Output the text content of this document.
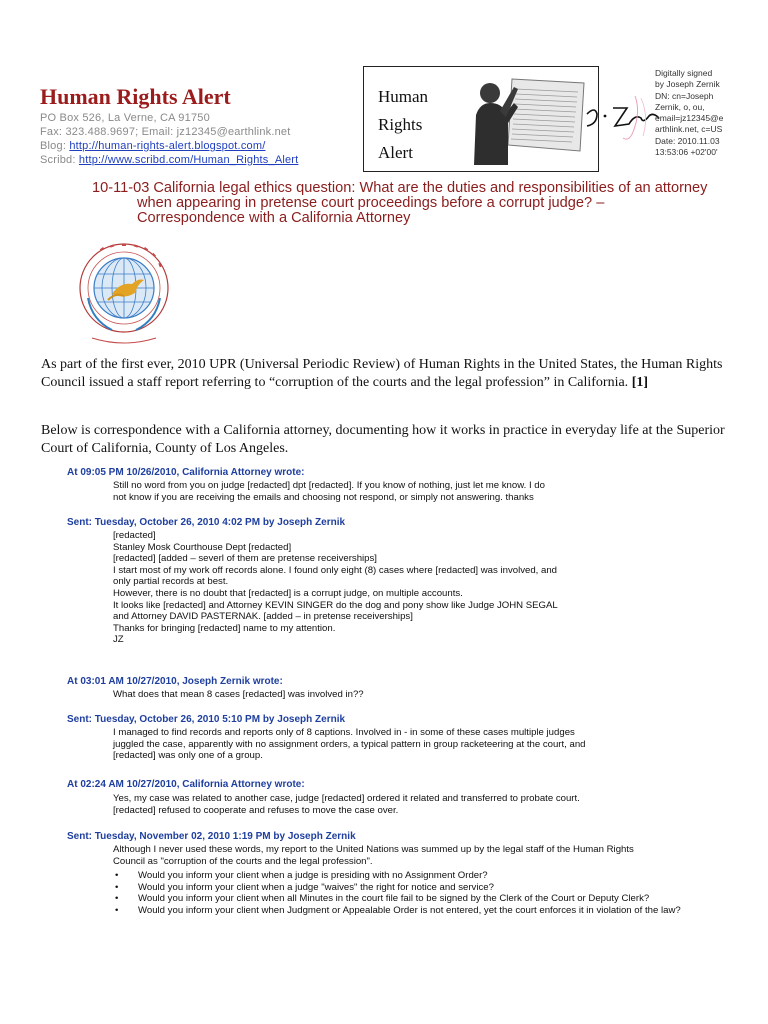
Human Rights Alert
PO Box 526, La Verne, CA 91750
Fax: 323.488.9697; Email: jz12345@earthlink.net
Blog: http://human-rights-alert.blogspot.com/
Scribd: http://www.scribd.com/Human_Rights_Alert
Human
Rights
Alert
Digitally signed
by Joseph Zernik
DN: cn=Joseph
Zernik, o, ou,
email=jz12345@e
arthlink.net, c=US
Date: 2010.11.03
13:53:06 +02'00'
10-11-03 California legal ethics question: What are the duties and responsibilities of an attorney
when appearing in pretense court proceedings before a corrupt judge? –
Correspondence with a California Attorney
As part of the first ever, 2010 UPR (Universal Periodic Review) of Human Rights in the United States, the Human Rights Council issued a staff report referring to “corruption of the courts and the legal profession” in California. [1]
Below is correspondence with a California attorney, documenting how it works in practice in everyday life at the Superior Court of California, County of Los Angeles.
At 09:05 PM 10/26/2010, California Attorney wrote:
Still no word from you on judge [redacted] dpt [redacted]. If you know of nothing, just let me know. I do
not know if you are receiving the emails and choosing not respond, or simply not answering. thanks
Sent: Tuesday, October 26, 2010 4:02 PM by Joseph Zernik
[redacted]
Stanley Mosk Courthouse Dept [redacted]
[redacted] [added – severl of them are pretense receiverships]
I start most of my work off records alone. I found only eight (8) cases where [redacted] was involved, and
only partial records at best.
However, there is no doubt that [redacted] is a corrupt judge, on multiple accounts.
It looks like [redacted] and Attorney KEVIN SINGER do the dog and pony show like Judge JOHN SEGAL
and Attorney DAVID PASTERNAK. [added – in pretense receiverships]
Thanks for bringing [redacted] name to my attention.
JZ
At 03:01 AM 10/27/2010, Joseph Zernik wrote:
What does that mean 8 cases [redacted] was involved in??
Sent: Tuesday, October 26, 2010 5:10 PM by Joseph Zernik
I managed to find records and reports only of 8 captions. Involved in - in some of these cases multiple judges
juggled the case, apparently with no assignment orders, a typical pattern in group racketeering at the court, and
[redacted] was only one of a group.
At 02:24 AM 10/27/2010, California Attorney wrote:
Yes, my case was related to another case, judge [redacted] ordered it related and transferred to probate court.
[redacted] refused to cooperate and refuses to move the case over.
Sent: Tuesday, November 02, 2010 1:19 PM by Joseph Zernik
Although I never used these words, my report to the United Nations was summed up by the legal staff of the Human Rights
Council as "corruption of the courts and the legal profession".
• Would you inform your client when a judge is presiding with no Assignment Order?
• Would you inform your client when a judge "waives" the right for notice and service?
• Would you inform your client when all Minutes in the court file fail to be signed by the Clerk of the Court or Deputy Clerk?
• Would you inform your client when Judgment or Appealable Order is not entered, yet the court enforces it in violation of the law?
